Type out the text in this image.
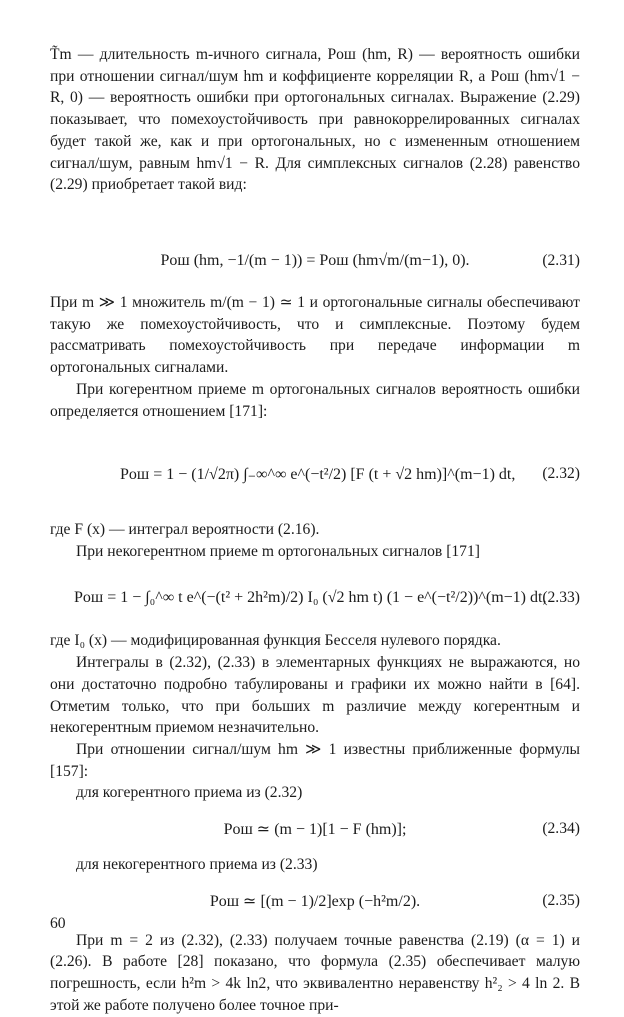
T̃m — длительность m-ичного сигнала, Pош (hm, R) — вероятность ошибки при отношении сигнал/шум hm и коффициенте корреляции R, а Pош (hm√1 − R, 0) — вероятность ошибки при ортогональных сигналах. Выражение (2.29) показывает, что помехоустойчивость при равнокоррелированных сигналах будет такой же, как и при ортогональных, но с измененным отношением сигнал/шум, равным hm√1 − R. Для симплексных сигналов (2.28) равенство (2.29) приобретает такой вид:

Pош (hm, −1/(m − 1)) = Pош (hm√m/(m−1), 0).	(2.31)

При m ≫ 1 множитель m/(m − 1) ≃ 1 и ортогональные сигналы обеспечивают такую же помехоустойчивость, что и симплексные. Поэтому будем рассматривать помехоустойчивость при передаче информации m ортогональных сигналами.

При когерентном приеме m ортогональных сигналов вероятность ошибки определяется отношением [171]:

Pош = 1 − (1/√2π) ∫₋∞^∞ e^(−t²/2) [F (t + √2 hm)]^(m−1) dt,	(2.32)

где F (x) — интеграл вероятности (2.16).

При некогерентном приеме m ортогональных сигналов [171]

Pош = 1 − ∫₀^∞ t e^(−(t² + 2h²m)/2) I₀ (√2 hm t) (1 − e^(−t²/2))^(m−1) dt,
(2.33)

где I₀ (x) — модифицированная функция Бесселя нулевого порядка.

Интегралы в (2.32), (2.33) в элементарных функциях не выражаются, но они достаточно подробно табулированы и графики их можно найти в [64]. Отметим только, что при больших m различие между когерентным и некогерентным приемом незначительно.

При отношении сигнал/шум hm ≫ 1 известны приближенные формулы [157]:

для когерентного приема из (2.32)

Pош ≃ (m − 1)[1 − F (hm)];	(2.34)

для некогерентного приема из (2.33)

Pош ≃ [(m − 1)/2]exp (−h²m/2).	(2.35)

При m = 2 из (2.32), (2.33) получаем точные равенства (2.19) (α = 1) и (2.26). В работе [28] показано, что формула (2.35) обеспечивает малую погрешность, если h²m > 4k ln2, что эквивалентно неравенству h²₂ > 4 ln 2. В этой же работе получено более точное при-

60
